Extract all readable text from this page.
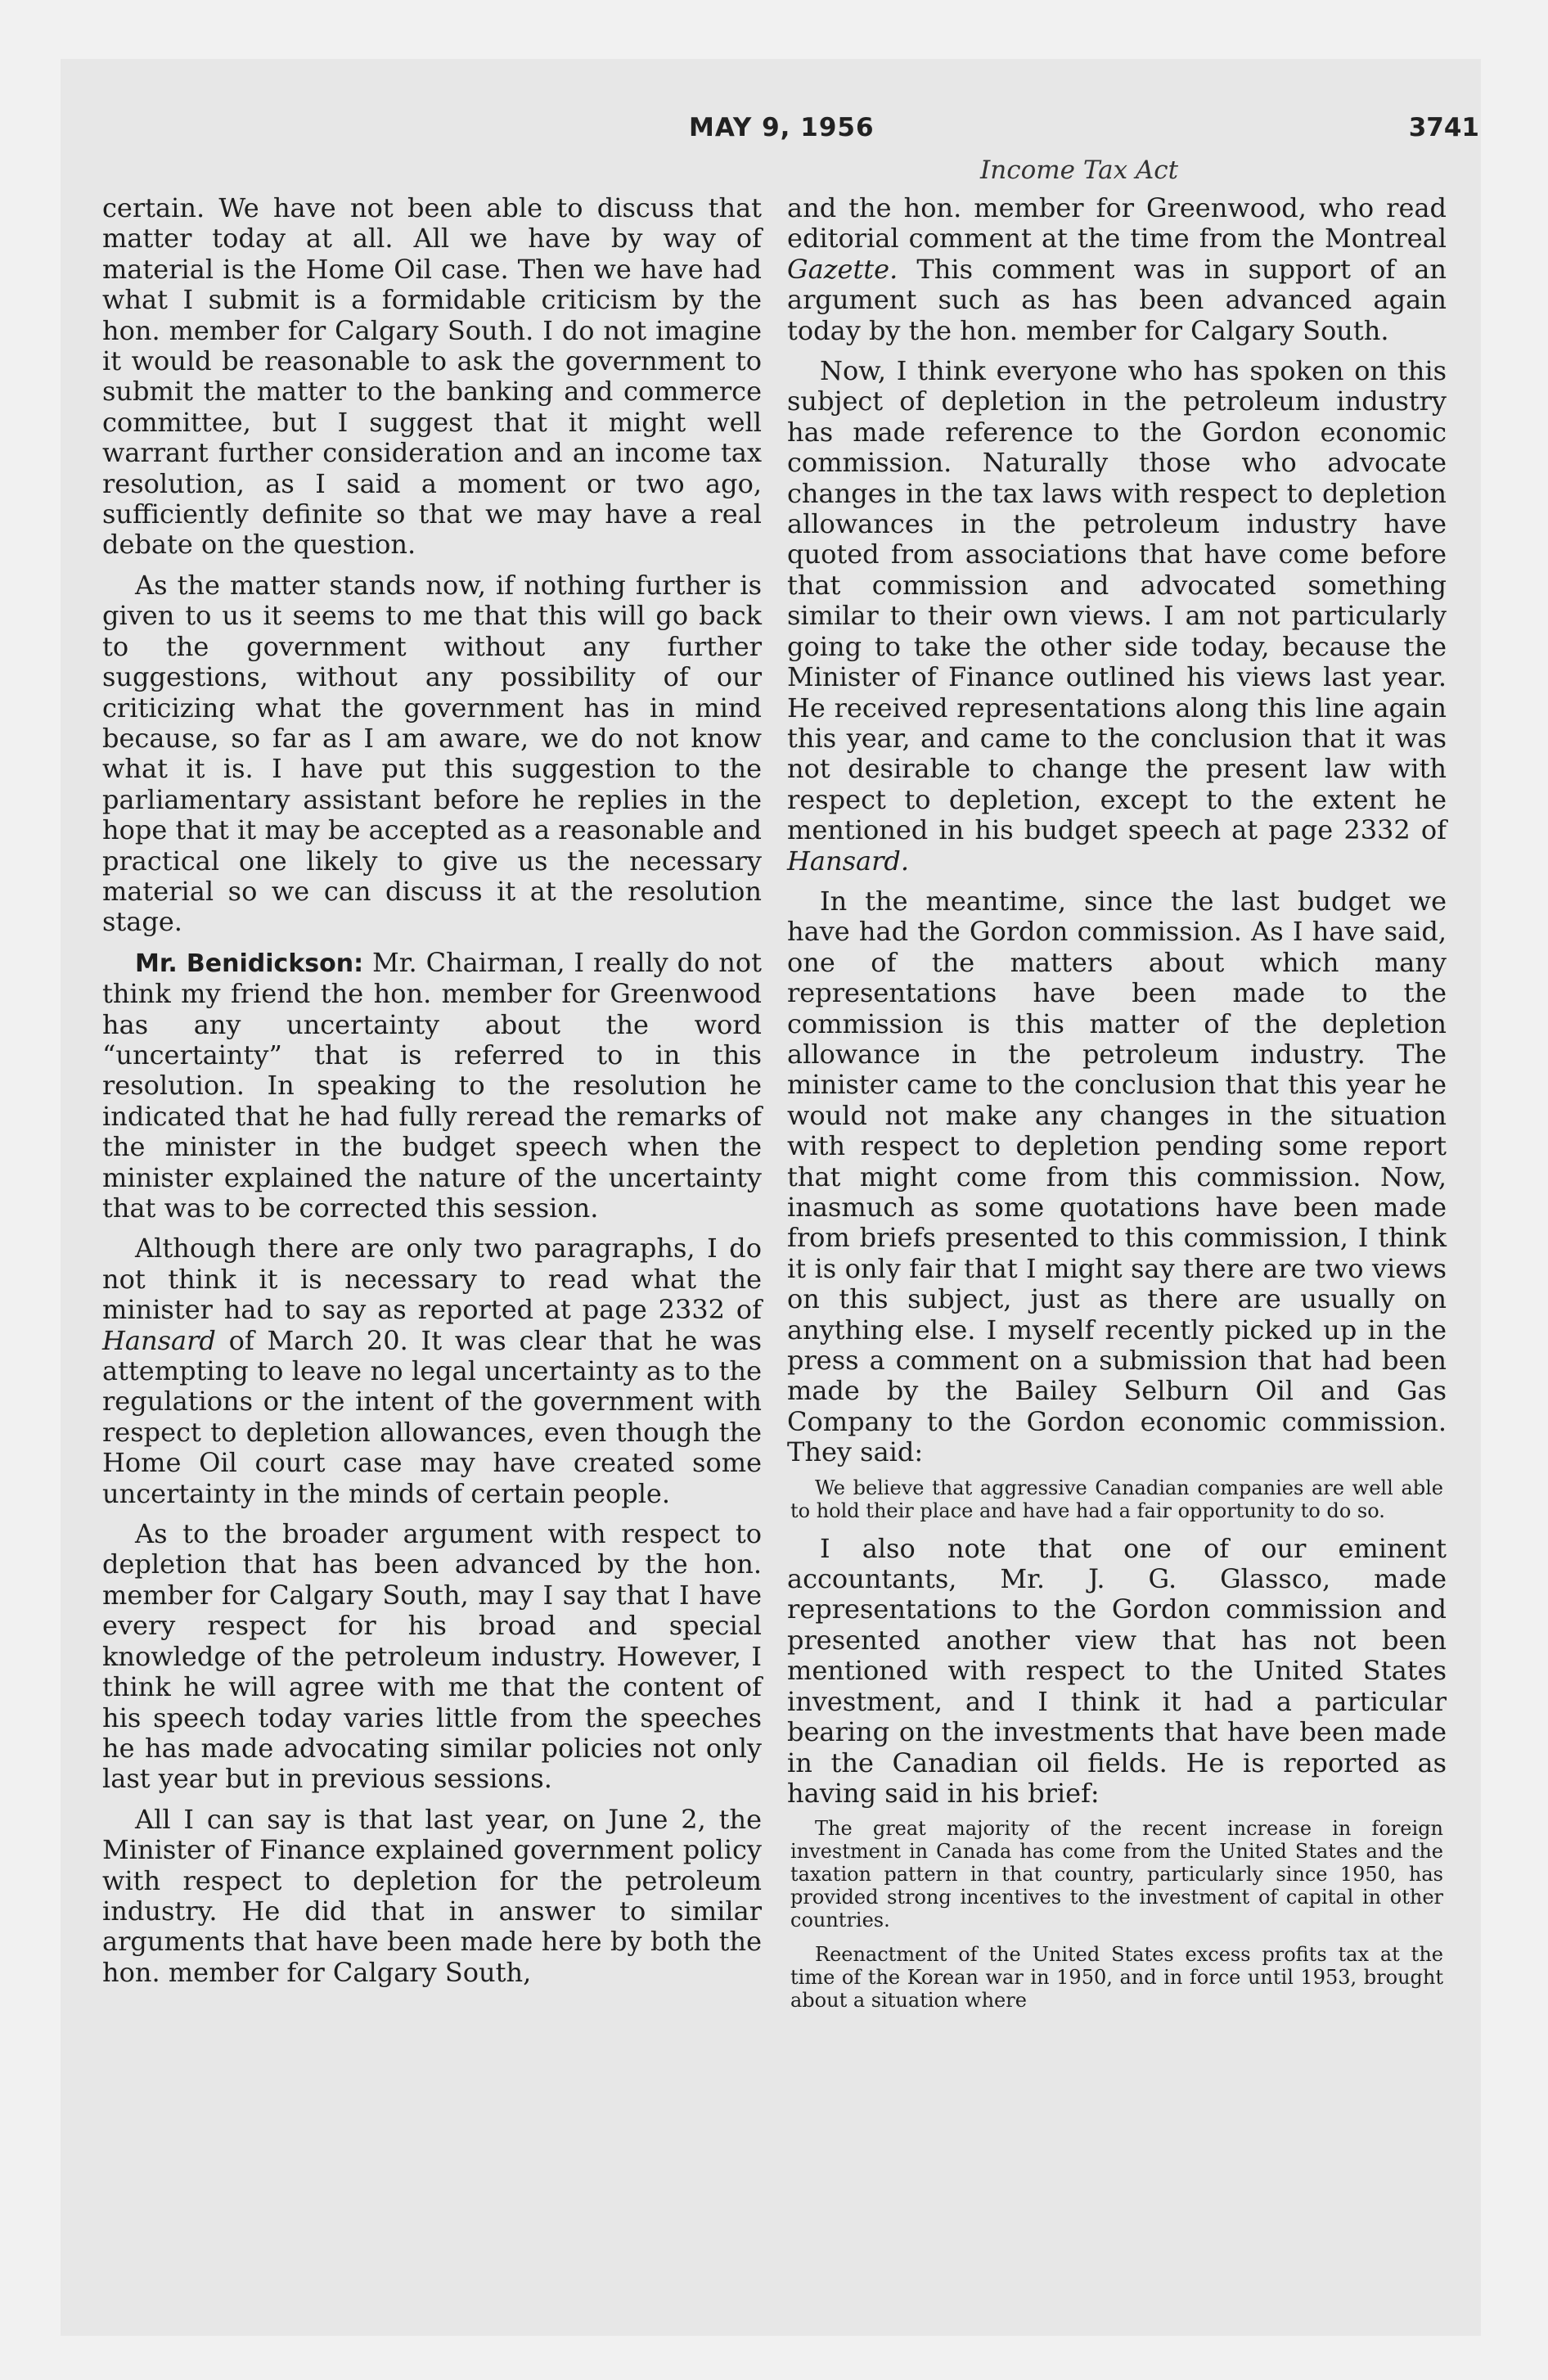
MAY 9, 1956	3741
Income Tax Act

certain. We have not been able to discuss that matter today at all. All we have by way of material is the Home Oil case. Then we have had what I submit is a formidable criticism by the hon. member for Calgary South. I do not imagine it would be reasonable to ask the government to submit the matter to the banking and commerce committee, but I suggest that it might well warrant further consideration and an income tax resolution, as I said a moment or two ago, sufficiently definite so that we may have a real debate on the question.

As the matter stands now, if nothing further is given to us it seems to me that this will go back to the government without any further suggestions, without any possibility of our criticizing what the government has in mind because, so far as I am aware, we do not know what it is. I have put this suggestion to the parliamentary assistant before he replies in the hope that it may be accepted as a reasonable and practical one likely to give us the necessary material so we can discuss it at the resolution stage.

Mr. Benidickson: Mr. Chairman, I really do not think my friend the hon. member for Greenwood has any uncertainty about the word “uncertainty” that is referred to in this resolution. In speaking to the resolution he indicated that he had fully reread the remarks of the minister in the budget speech when the minister explained the nature of the uncertainty that was to be corrected this session.

Although there are only two paragraphs, I do not think it is necessary to read what the minister had to say as reported at page 2332 of Hansard of March 20. It was clear that he was attempting to leave no legal uncertainty as to the regulations or the intent of the government with respect to depletion allowances, even though the Home Oil court case may have created some uncertainty in the minds of certain people.

As to the broader argument with respect to depletion that has been advanced by the hon. member for Calgary South, may I say that I have every respect for his broad and special knowledge of the petroleum industry. However, I think he will agree with me that the content of his speech today varies little from the speeches he has made advocating similar policies not only last year but in previous sessions.

All I can say is that last year, on June 2, the Minister of Finance explained government policy with respect to depletion for the petroleum industry. He did that in answer to similar arguments that have been made here by both the hon. member for Calgary South,

and the hon. member for Greenwood, who read editorial comment at the time from the Montreal Gazette. This comment was in support of an argument such as has been advanced again today by the hon. member for Calgary South.

Now, I think everyone who has spoken on this subject of depletion in the petroleum industry has made reference to the Gordon economic commission. Naturally those who advocate changes in the tax laws with respect to depletion allowances in the petroleum industry have quoted from associations that have come before that commission and advocated something similar to their own views. I am not particularly going to take the other side today, because the Minister of Finance outlined his views last year. He received representations along this line again this year, and came to the conclusion that it was not desirable to change the present law with respect to depletion, except to the extent he mentioned in his budget speech at page 2332 of Hansard.

In the meantime, since the last budget we have had the Gordon commission. As I have said, one of the matters about which many representations have been made to the commission is this matter of the depletion allowance in the petroleum industry. The minister came to the conclusion that this year he would not make any changes in the situation with respect to depletion pending some report that might come from this commission. Now, inasmuch as some quotations have been made from briefs presented to this commission, I think it is only fair that I might say there are two views on this subject, just as there are usually on anything else. I myself recently picked up in the press a comment on a submission that had been made by the Bailey Selburn Oil and Gas Company to the Gordon economic commission. They said:

We believe that aggressive Canadian companies are well able to hold their place and have had a fair opportunity to do so.

I also note that one of our eminent accountants, Mr. J. G. Glassco, made representations to the Gordon commission and presented another view that has not been mentioned with respect to the United States investment, and I think it had a particular bearing on the investments that have been made in the Canadian oil fields. He is reported as having said in his brief:

The great majority of the recent increase in foreign investment in Canada has come from the United States and the taxation pattern in that country, particularly since 1950, has provided strong incentives to the investment of capital in other countries.

Reenactment of the United States excess profits tax at the time of the Korean war in 1950, and in force until 1953, brought about a situation where
